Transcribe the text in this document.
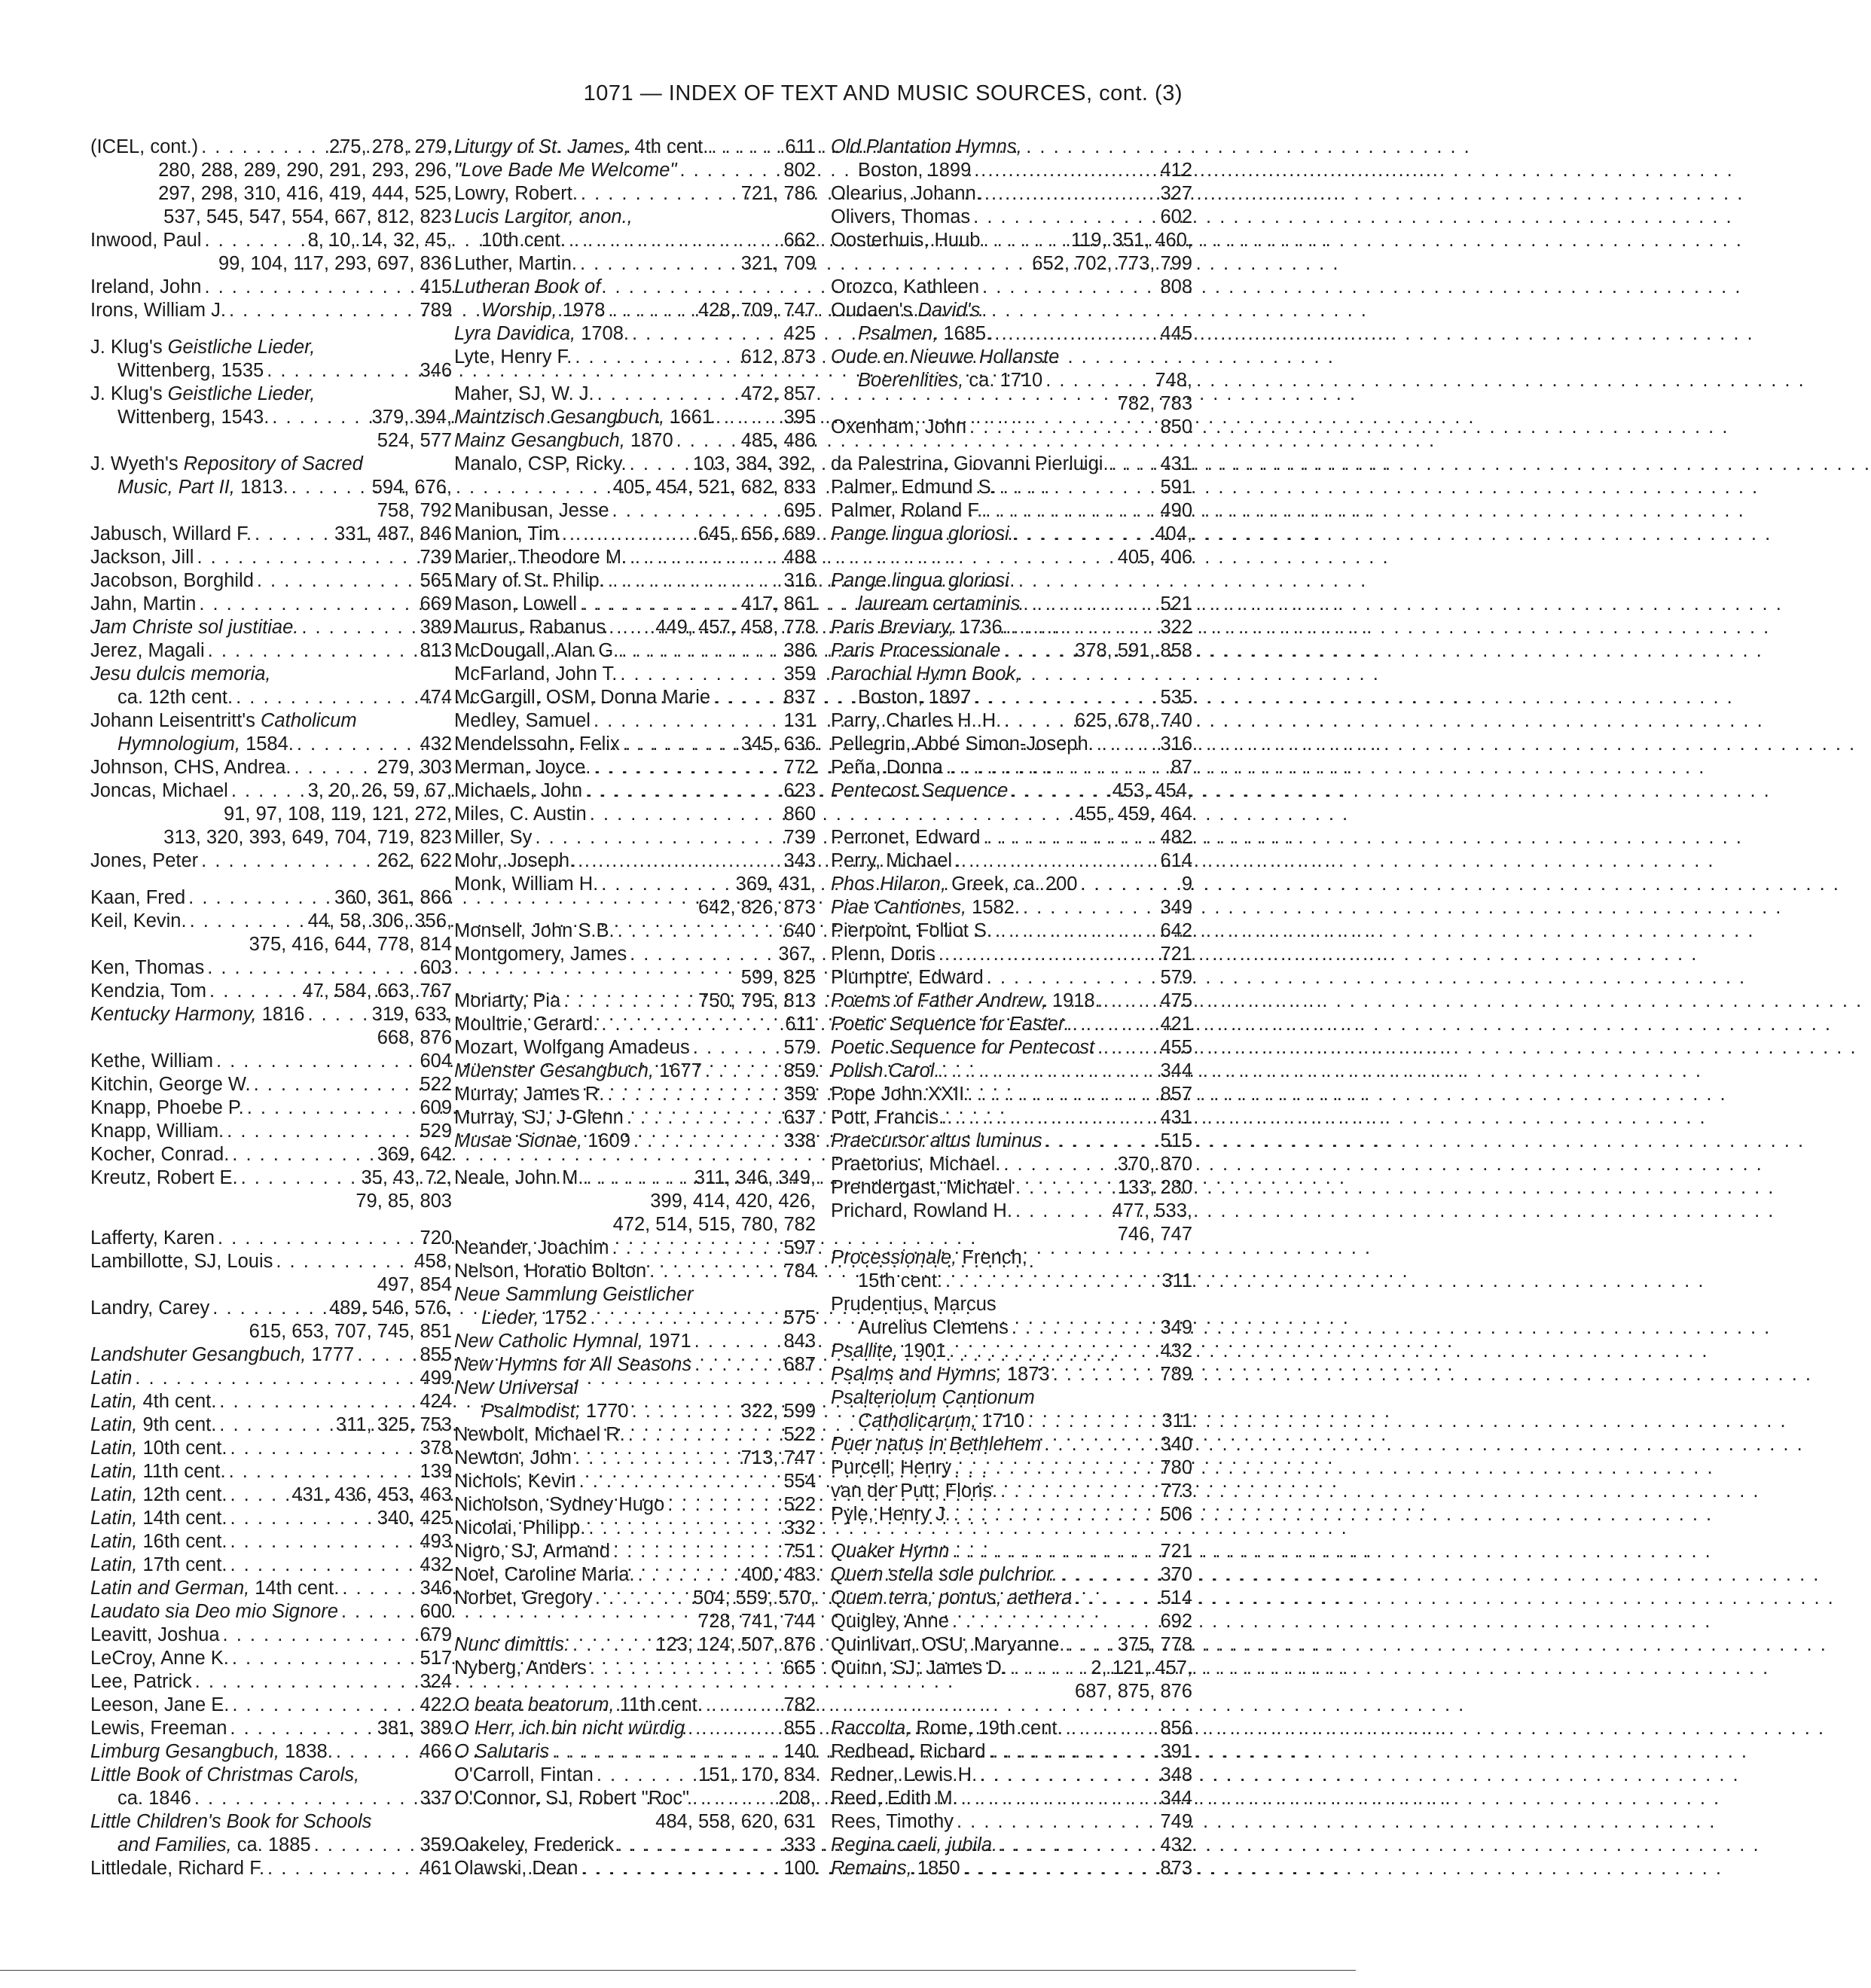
1071 — INDEX OF TEXT AND MUSIC SOURCES, cont. (3)
(ICEL, cont.) . . .	275, 278, 279,
280, 288, 289, 290, 291, 293, 296,
297, 298, 310, 416, 419, 444, 525,
537, 545, 547, 554, 667, 812, 823
Inwood, Paul . . .	8, 10, 14, 32, 45,
99, 104, 117, 293, 697, 836
Ireland, John . . .	415
Irons, William J. . . .	789
J. Klug's Geistliche Lieder,
Wittenberg, 1535 . . .	346
J. Klug's Geistliche Lieder,
Wittenberg, 1543. . . .	379, 394,
524, 577
J. Wyeth's Repository of Sacred
Music, Part II, 1813. . . .	594, 676,
758, 792
Jabusch, Willard F. . . .	331, 487, 846
Jackson, Jill . . .	739
Jacobson, Borghild . . .	565
Jahn, Martin . . .	669
Jam Christe sol justitiae. . . .	389
Jerez, Magali . . .	813
Jesu dulcis memoria,
ca. 12th cent. . . .	474
Johann Leisentritt's Catholicum
Hymnologium, 1584. . . .	432
Johnson, CHS, Andrea. . . .	279, 303
Joncas, Michael . . .	3, 20, 26, 59, 67,
91, 97, 108, 119, 121, 272,
313, 320, 393, 649, 704, 719, 823
Jones, Peter . . .	262, 622
Kaan, Fred . . .	360, 361, 866
Keil, Kevin. . . .	44, 58, 306, 356,
375, 416, 644, 778, 814
Ken, Thomas . . .	603
Kendzia, Tom . . .	47, 584, 663, 767
Kentucky Harmony, 1816 . . .	319, 633,
668, 876
Kethe, William . . .	604
Kitchin, George W. . . .	522
Knapp, Phoebe P. . . .	609
Knapp, William. . . .	529
Kocher, Conrad. . . .	369, 642
Kreutz, Robert E. . . .	35, 43, 72,
79, 85, 803
Lafferty, Karen . . .	720
Lambillotte, SJ, Louis . . .	458,
497, 854
Landry, Carey . . .	489, 546, 576,
615, 653, 707, 745, 851
Landshuter Gesangbuch, 1777 . . .	855
Latin . . .	499
Latin, 4th cent. . . .	424
Latin, 9th cent. . . .	311, 325, 753
Latin, 10th cent. . . .	378
Latin, 11th cent. . . .	139
Latin, 12th cent. . . .	431, 436, 453, 463
Latin, 14th cent. . . .	340, 425
Latin, 16th cent. . . .	493
Latin, 17th cent. . . .	432
Latin and German, 14th cent. . . .	346
Laudato sia Deo mio Signore . . .	600
Leavitt, Joshua . . .	679
LeCroy, Anne K. . . .	517
Lee, Patrick . . .	324
Leeson, Jane E. . . .	422
Lewis, Freeman . . .	381, 389
Limburg Gesangbuch, 1838. . . .	466
Little Book of Christmas Carols,
ca. 1846 . . .	337
Little Children's Book for Schools
and Families, ca. 1885 . . .	359
Littledale, Richard F. . . .	461
Liturgy of St. James, 4th cent. . . .	611
"Love Bade Me Welcome" . . .	802
Lowry, Robert. . . .	721, 786
Lucis Largitor, anon.,
10th cent. . . .	662
Luther, Martin. . . .	321, 709
Lutheran Book of
Worship, 1978 . . .	428, 709, 747
Lyra Davidica, 1708. . . .	425
Lyte, Henry F. . . .	612, 873
Maher, SJ, W. J. . . .	472, 857
Maintzisch Gesangbuch, 1661 . . .	395
Mainz Gesangbuch, 1870 . . .	485, 486
Manalo, CSP, Ricky. . . .	103, 384, 392,
405, 454, 521, 682, 833
Manibusan, Jesse . . .	695
Manion, Tim . . .	645, 656, 689
Marier, Theodore M. . . .	488
Mary of St. Philip. . . .	316
Mason, Lowell . . .	417, 861
Maurus, Rabanus . . .	449, 457, 458, 778
McDougall, Alan G. . . .	386
McFarland, John T. . . .	359
McGargill, OSM, Donna Marie . . .	837
Medley, Samuel . . .	131
Mendelssohn, Felix . . .	345, 636
Merman, Joyce. . . .	772
Michaels, John . . .	623
Miles, C. Austin . . .	860
Miller, Sy . . .	739
Mohr, Joseph. . . .	343
Monk, William H. . . .	369, 431,
642, 826, 873
Monsell, John S.B. . . .	640
Montgomery, James . . .	367,
599, 825
Moriarty, Pia . . .	750, 795, 813
Moultrie, Gerard. . . .	611
Mozart, Wolfgang Amadeus . . .	579
Müenster Gesangbuch, 1677 . . .	859
Murray, James R. . . .	359
Murray, SJ, J-Glenn . . .	637
Musae Sionae, 1609 . . .	338
Neale, John M. . . .	311, 346, 349,
399, 414, 420, 426,
472, 514, 515, 780, 782
Neander, Joachim . . .	597
Nelson, Horatio Bolton . . .	784
Neue Sammlung Geistlicher
Lieder, 1752 . . .	575
New Catholic Hymnal, 1971 . . .	843
New Hymns for All Seasons . . .	687
New Universal
Psalmodist, 1770 . . .	322, 599
Newbolt, Michael R. . . .	522
Newton, John . . .	713, 747
Nichols, Kevin . . .	554
Nicholson, Sydney Hugo . . .	522
Nicolai, Philipp. . . .	332
Nigro, SJ, Armand . . .	751
Noel, Caroline Maria. . . .	400, 483
Norbet, Gregory . . .	504, 559, 570,
728, 741, 744
Nunc dimittis. . . .	123, 124, 507, 876
Nyberg, Anders . . .	665
O beata beatorum, 11th cent. . . .	782
O Herr, ich bin nicht würdig . . .	855
O Salutaris . . .	140
O'Carroll, Fintan . . .	151, 170, 834
O'Connor, SJ, Robert "Roc" . . .	208,
484, 558, 620, 631
Oakeley, Frederick . . .	333
Olawski, Dean . . .	100
Old Plantation Hymns,
Boston, 1899 . . .	412
Olearius, Johann. . . .	327
Olivers, Thomas . . .	602
Oosterhuis, Huub . . .	119, 351, 460,
652, 702, 773, 799
Orozco, Kathleen . . .	808
Oudaen's David's
Psalmen, 1685. . . .	445
Oude en Nieuwe Hollanste
Boerenlities, ca. 1710 . . .	748,
782, 783
Oxenham, John . . .	850
da Palestrina, Giovanni Pierluigi. . . .	431
Palmer, Edmund S. . . .	591
Palmer, Roland F. . . .	490
Pange lingua gloriosi . . .	404,
405, 406
Pange lingua gloriosi
lauream certaminis . . .	521
Paris Breviary, 1736. . . .	322
Paris Processionale . . .	378, 591, 858
Parochial Hymn Book,
Boston, 1897 . . .	535
Parry, Charles H. H. . . .	625, 678, 740
Pellegrin, Abbé Simon-Joseph. . . .	316
Peña, Donna . . .	87
Pentecost Sequence . . .	453, 454,
455, 459, 464
Perronet, Edward . . .	482
Perry, Michael . . .	614
Phos Hilaron, Greek, ca. 200 . . .	9
Piae Cantiones, 1582. . . .	349
Pierpoint, Folliot S. . . .	642
Plenn, Doris . . .	721
Plumptre, Edward . . .	579
Poems of Father Andrew, 1918. . . .	475
Poetic Sequence for Easter. . . .	421
Poetic Sequence for Pentecost . . .	455
Polish Carol. . . .	344
Pope John XXII . . .	857
Pott, Francis. . . .	431
Praecursor altus luminus . . .	515
Praetorius, Michael. . . .	370, 870
Prendergast, Michael . . .	133, 280
Prichard, Rowland H. . . .	477, 533,
746, 747
Processionale, French,
15th cent. . . .	311
Prudentius, Marcus
Aurelius Clemens . . .	349
Psallite, 1901 . . .	432
Psalms and Hymns, 1873 . . .	789
Psalteriolum Cantionum
Catholicarum, 1710 . . .	311
Puer natus in Bethlehem . . .	340
Purcell, Henry . . .	780
van der Putt, Floris. . . .	773
Pyle, Henry J. . . .	506
Quaker Hymn . . .	721
Quem stella sole pulchrior. . . .	370
Quem terra, pontus, aethera . . .	514
Quigley, Anne . . .	692
Quinlivan, OSU, Maryanne. . . .	375, 778
Quinn, SJ, James D. . . .	2, 121, 457,
687, 875, 876
Raccolta, Rome, 19th cent. . . .	856
Redhead, Richard . . .	391
Redner, Lewis H. . . .	348
Reed, Edith M. . . .	344
Rees, Timothy . . .	749
Regina caeli, jubila. . . .	432
Remains, 1850 . . .	873
